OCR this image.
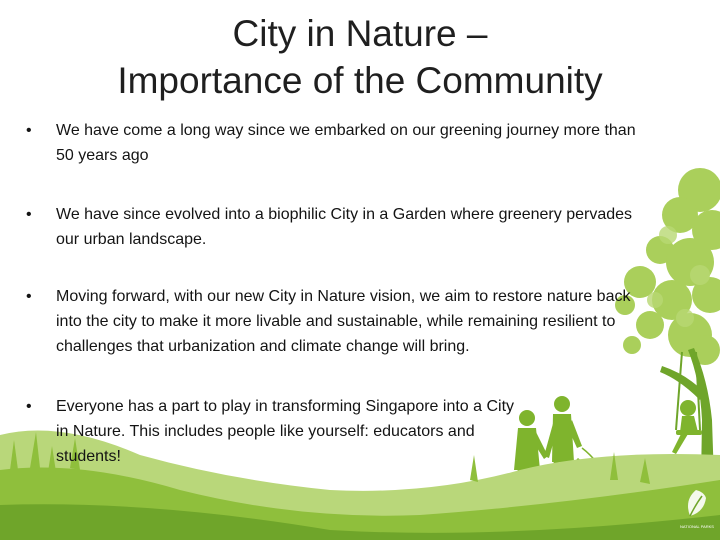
NATIONAL PARKS
City in Nature –
Importance of the Community
• We have come a long way since we embarked on our greening journey more than 50 years ago
• We have since evolved into a biophilic City in a Garden where greenery pervades our urban landscape.
• Moving forward, with our new City in Nature vision, we aim to restore nature back into the city to make it more livable and sustainable, while remaining resilient to challenges that urbanization and climate change will bring.
• Everyone has a part to play in transforming Singapore into a City in Nature. This includes people like yourself: educators and students!
